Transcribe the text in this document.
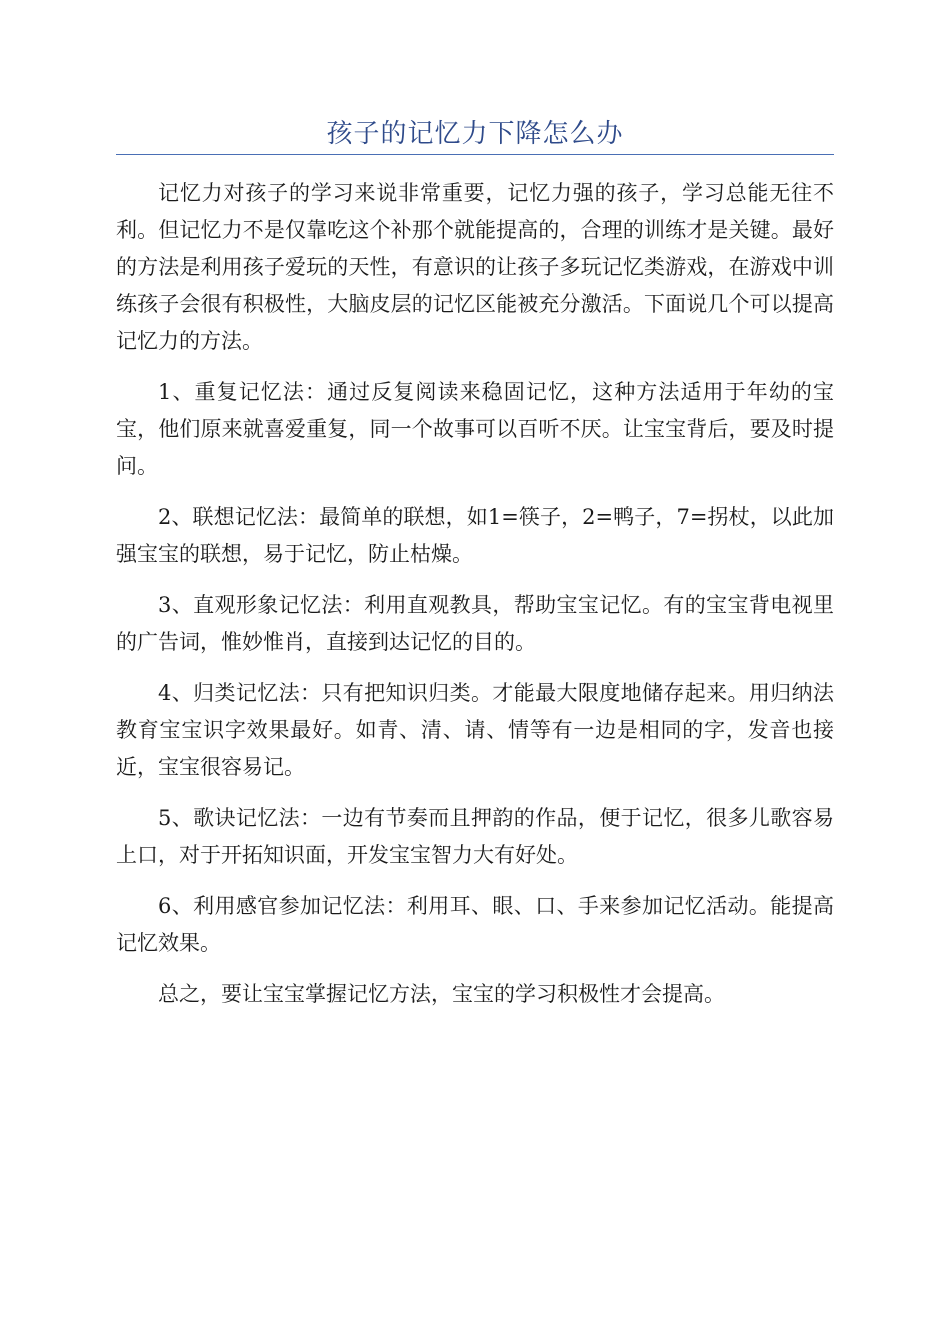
孩子的记忆力下降怎么办

记忆力对孩子的学习来说非常重要，记忆力强的孩子，学习总能无往不利。但记忆力不是仅靠吃这个补那个就能提高的，合理的训练才是关键。最好的方法是利用孩子爱玩的天性，有意识的让孩子多玩记忆类游戏，在游戏中训练孩子会很有积极性，大脑皮层的记忆区能被充分激活。下面说几个可以提高记忆力的方法。

1、重复记忆法：通过反复阅读来稳固记忆，这种方法适用于年幼的宝宝，他们原来就喜爱重复，同一个故事可以百听不厌。让宝宝背后，要及时提问。

2、联想记忆法：最简单的联想，如1=筷子，2=鸭子，7=拐杖，以此加强宝宝的联想，易于记忆，防止枯燥。

3、直观形象记忆法：利用直观教具，帮助宝宝记忆。有的宝宝背电视里的广告词，惟妙惟肖，直接到达记忆的目的。

4、归类记忆法：只有把知识归类。才能最大限度地储存起来。用归纳法教育宝宝识字效果最好。如青、清、请、情等有一边是相同的字，发音也接近，宝宝很容易记。

5、歌诀记忆法：一边有节奏而且押韵的作品，便于记忆，很多儿歌容易上口，对于开拓知识面，开发宝宝智力大有好处。

6、利用感官参加记忆法：利用耳、眼、口、手来参加记忆活动。能提高记忆效果。

总之，要让宝宝掌握记忆方法，宝宝的学习积极性才会提高。
